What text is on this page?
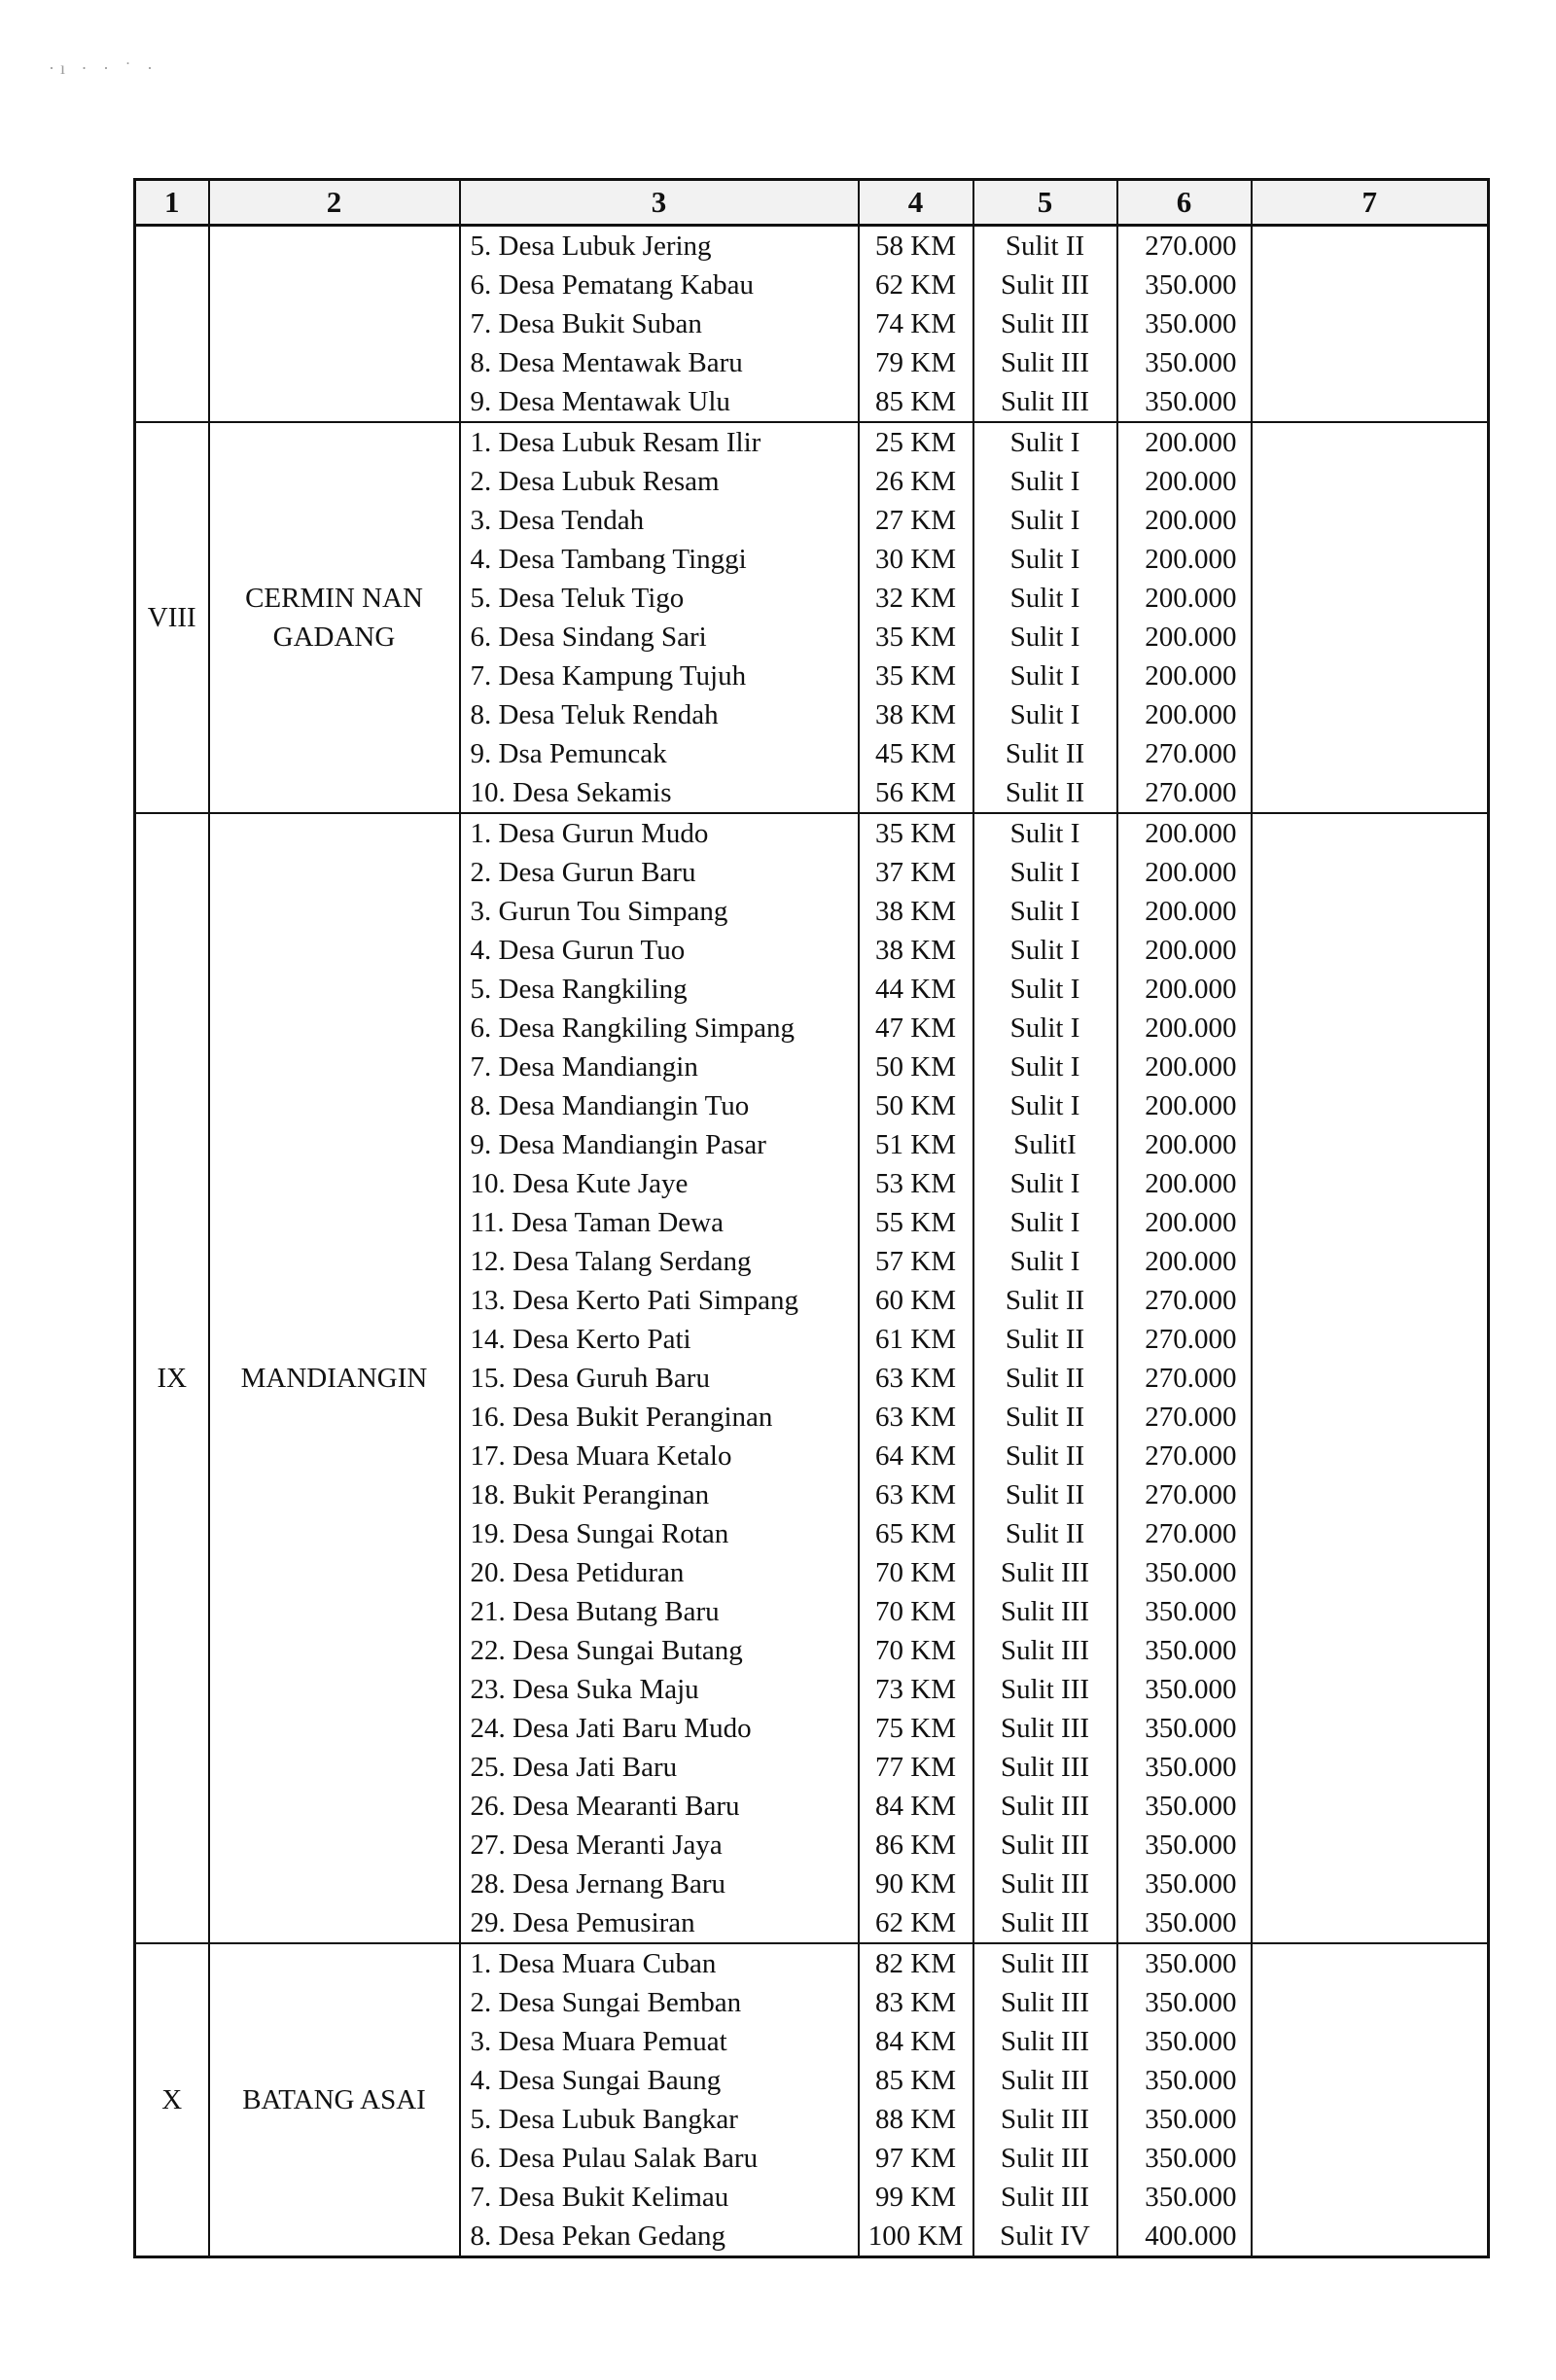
·ı · · ˙ ·
1	2	3	4	5	6	7
		5. Desa Lubuk Jering	58 KM	Sulit II	270.000	
		6. Desa Pematang Kabau	62 KM	Sulit III	350.000	
		7. Desa Bukit Suban	74 KM	Sulit III	350.000	
		8. Desa Mentawak Baru	79 KM	Sulit III	350.000	
		9. Desa Mentawak Ulu	85 KM	Sulit III	350.000	
VIII	CERMIN NAN GADANG	1. Desa Lubuk Resam Ilir	25 KM	Sulit I	200.000	
		2. Desa Lubuk Resam	26 KM	Sulit I	200.000	
		3. Desa Tendah	27 KM	Sulit I	200.000	
		4. Desa Tambang Tinggi	30 KM	Sulit I	200.000	
		5. Desa Teluk Tigo	32 KM	Sulit I	200.000	
		6. Desa Sindang Sari	35 KM	Sulit I	200.000	
		7. Desa Kampung Tujuh	35 KM	Sulit I	200.000	
		8. Desa Teluk Rendah	38 KM	Sulit I	200.000	
		9. Dsa Pemuncak	45 KM	Sulit II	270.000	
		10. Desa Sekamis	56 KM	Sulit II	270.000	
IX	MANDIANGIN	1. Desa Gurun Mudo	35 KM	Sulit I	200.000	
		2. Desa Gurun Baru	37 KM	Sulit I	200.000	
		3. Gurun Tou Simpang	38 KM	Sulit I	200.000	
		4. Desa Gurun Tuo	38 KM	Sulit I	200.000	
		5. Desa Rangkiling	44 KM	Sulit I	200.000	
		6. Desa Rangkiling Simpang	47 KM	Sulit I	200.000	
		7. Desa Mandiangin	50 KM	Sulit I	200.000	
		8. Desa Mandiangin Tuo	50 KM	Sulit I	200.000	
		9. Desa Mandiangin Pasar	51 KM	SulitI	200.000	
		10. Desa Kute Jaye	53 KM	Sulit I	200.000	
		11. Desa Taman Dewa	55 KM	Sulit I	200.000	
		12. Desa Talang Serdang	57 KM	Sulit I	200.000	
		13. Desa Kerto Pati Simpang	60 KM	Sulit II	270.000	
		14. Desa Kerto Pati	61 KM	Sulit II	270.000	
		15. Desa Guruh Baru	63 KM	Sulit II	270.000	
		16. Desa Bukit Peranginan	63 KM	Sulit II	270.000	
		17. Desa Muara Ketalo	64 KM	Sulit II	270.000	
		18. Bukit Peranginan	63 KM	Sulit II	270.000	
		19. Desa Sungai Rotan	65 KM	Sulit II	270.000	
		20. Desa Petiduran	70 KM	Sulit III	350.000	
		21. Desa Butang Baru	70 KM	Sulit III	350.000	
		22. Desa Sungai Butang	70 KM	Sulit III	350.000	
		23. Desa Suka Maju	73 KM	Sulit III	350.000	
		24. Desa Jati Baru Mudo	75 KM	Sulit III	350.000	
		25. Desa Jati Baru	77 KM	Sulit III	350.000	
		26. Desa Mearanti Baru	84 KM	Sulit III	350.000	
		27. Desa Meranti Jaya	86 KM	Sulit III	350.000	
		28. Desa Jernang Baru	90 KM	Sulit III	350.000	
		29. Desa Pemusiran	62 KM	Sulit III	350.000	
X	BATANG ASAI	1. Desa Muara Cuban	82 KM	Sulit III	350.000	
		2. Desa Sungai Bemban	83 KM	Sulit III	350.000	
		3. Desa Muara Pemuat	84 KM	Sulit III	350.000	
		4. Desa Sungai Baung	85 KM	Sulit III	350.000	
		5. Desa Lubuk Bangkar	88 KM	Sulit III	350.000	
		6. Desa Pulau Salak Baru	97 KM	Sulit III	350.000	
		7. Desa Bukit Kelimau	99 KM	Sulit III	350.000	
		8. Desa Pekan Gedang	100 KM	Sulit IV	400.000	
